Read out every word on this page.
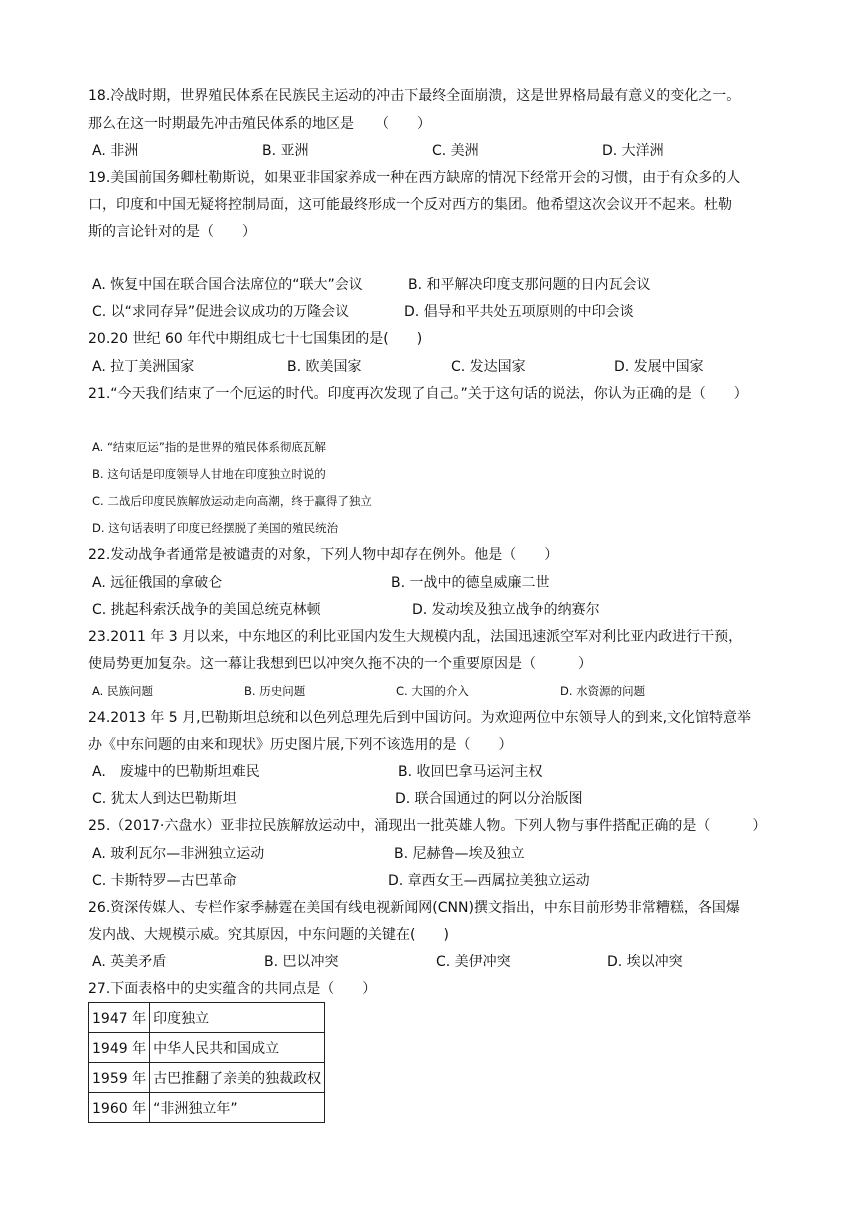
18.冷战时期，世界殖民体系在民族民主运动的冲击下最终全面崩溃，这是世界格局最有意义的变化之一。
那么在这一时期最先冲击殖民体系的地区是　　（　　）
A. 非洲	B. 亚洲	C. 美洲	D. 大洋洲
19.美国前国务卿杜勒斯说，如果亚非国家养成一种在西方缺席的情况下经常开会的习惯，由于有众多的人
口，印度和中国无疑将控制局面，这可能最终形成一个反对西方的集团。他希望这次会议开不起来。杜勒
斯的言论针对的是（　　）
A. 恢复中国在联合国合法席位的“联大”会议	B. 和平解决印度支那问题的日内瓦会议
C. 以“求同存异”促进会议成功的万隆会议	D. 倡导和平共处五项原则的中印会谈
20.20 世纪 60 年代中期组成七十七国集团的是(　　)
A. 拉丁美洲国家	B. 欧美国家	C. 发达国家	D. 发展中国家
21.“今天我们结束了一个厄运的时代。印度再次发现了自己。”关于这句话的说法，你认为正确的是（　　）
A. “结束厄运”指的是世界的殖民体系彻底瓦解
B. 这句话是印度领导人甘地在印度独立时说的
C. 二战后印度民族解放运动走向高潮，终于赢得了独立
D. 这句话表明了印度已经摆脱了美国的殖民统治
22.发动战争者通常是被谴责的对象，下列人物中却存在例外。他是（　　）
A. 远征俄国的拿破仑	B. 一战中的德皇威廉二世
C. 挑起科索沃战争的美国总统克林顿	D. 发动埃及独立战争的纳赛尔
23.2011 年 3 月以来，中东地区的利比亚国内发生大规模内乱，法国迅速派空军对利比亚内政进行干预，
使局势更加复杂。这一幕让我想到巴以冲突久拖不决的一个重要原因是（　　　）
A. 民族问题	B. 历史问题	C. 大国的介入	D. 水资源的问题
24.2013 年 5 月,巴勒斯坦总统和以色列总理先后到中国访问。为欢迎两位中东领导人的到来,文化馆特意举
办《中东问题的由来和现状》历史图片展,下列不该选用的是（　　）
A.　废墟中的巴勒斯坦难民	B. 收回巴拿马运河主权
C. 犹太人到达巴勒斯坦	D. 联合国通过的阿以分治版图
25.（2017·六盘水）亚非拉民族解放运动中，涌现出一批英雄人物。下列人物与事件搭配正确的是（　　　）
A. 玻利瓦尔—非洲独立运动	B. 尼赫鲁—埃及独立
C. 卡斯特罗—古巴革命	D. 章西女王—西属拉美独立运动
26.资深传媒人、专栏作家季赫霆在美国有线电视新闻网(CNN)撰文指出，中东目前形势非常糟糕，各国爆
发内战、大规模示威。究其原因，中东问题的关键在(　　)
A. 英美矛盾	B. 巴以冲突	C. 美伊冲突	D. 埃以冲突
27.下面表格中的史实蕴含的共同点是（　　）
1947 年	印度独立
1949 年	中华人民共和国成立
1959 年	古巴推翻了亲美的独裁政权
1960 年	“非洲独立年”
